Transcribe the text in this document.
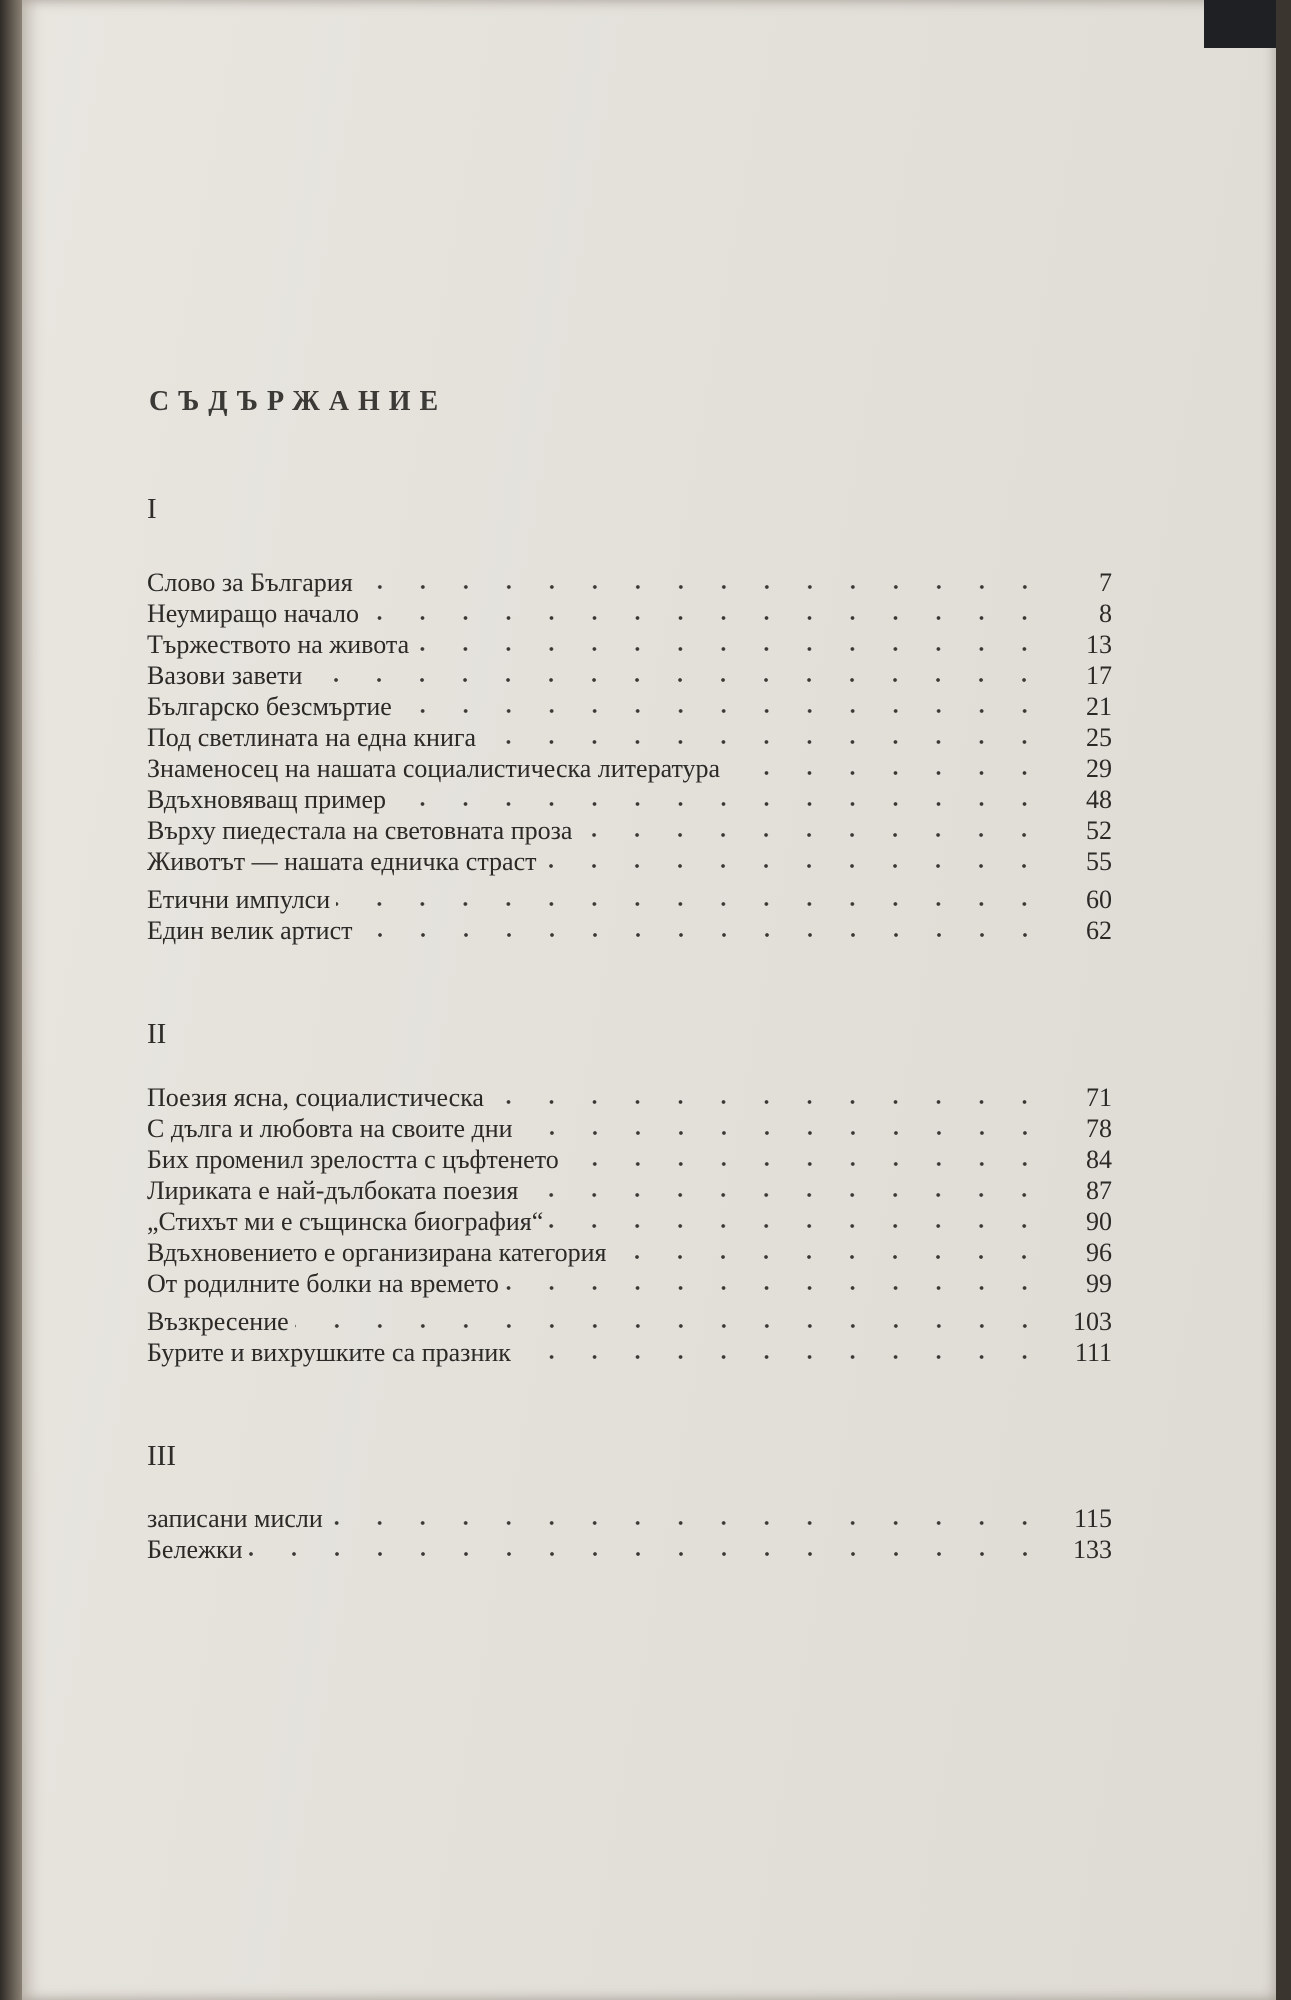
СЪДЪРЖАНИЕ
I
Слово за България	7
Неумиращо начало	8
Тържеството на живота	13
Вазови завети	17
Българско безсмъртие	21
Под светлината на една книга	25
Знаменосец на нашата социалистическа литература	29
Вдъхновяващ пример	48
Върху пиедестала на световната проза	52
Животът — нашата едничка страст	55
Етични импулси	60
Един велик артист	62
II
Поезия ясна, социалистическа	71
С дълга и любовта на своите дни	78
Бих променил зрелостта с цъфтенето	84
Лириката е най-дълбоката поезия	87
„Стихът ми е същинска биография“	90
Вдъхновението е организирана категория	96
От родилните болки на времето	99
Възкресение	103
Бурите и вихрушките са празник	111
III
записани мисли	115
Бележки	133
